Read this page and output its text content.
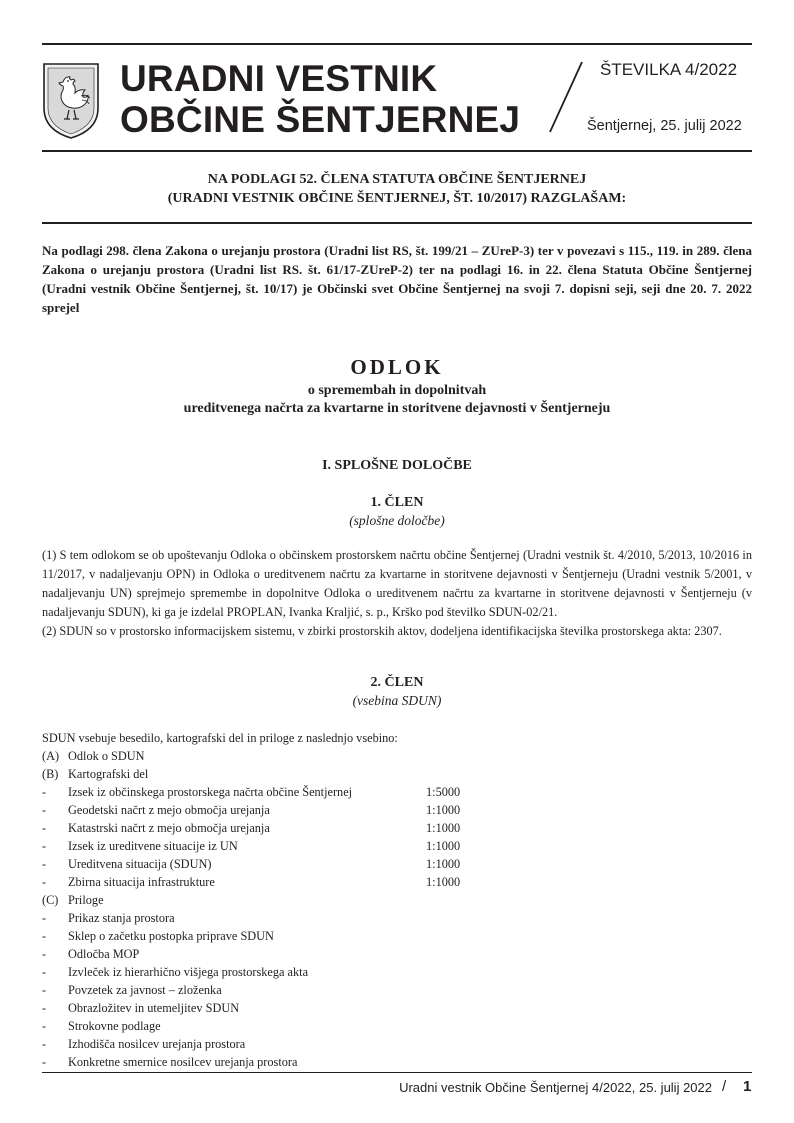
URADNI VESTNIK
OBČINE ŠENTJERNEJ
ŠTEVILKA 4/2022
Šentjernej, 25. julij 2022
NA PODLAGI 52. ČLENA STATUTA OBČINE ŠENTJERNEJ
(URADNI VESTNIK OBČINE ŠENTJERNEJ, ŠT. 10/2017) RAZGLAŠAM:
Na podlagi 298. člena Zakona o urejanju prostora (Uradni list RS, št. 199/21 – ZUreP-3) ter v povezavi s 115., 119. in 289. člena Zakona o urejanju prostora (Uradni list RS. št. 61/17-ZUreP-2) ter na podlagi 16. in 22. člena Statuta Občine Šentjernej (Uradni vestnik Občine Šentjernej, št. 10/17) je Občinski svet Občine Šentjernej na svoji 7. dopisni seji, seji dne 20. 7. 2022 sprejel
ODLOK
o spremembah in dopolnitvah
ureditvenega načrta za kvartarne in storitvene dejavnosti v Šentjerneju
I. SPLOŠNE DOLOČBE
1. ČLEN
(splošne določbe)
(1) S tem odlokom se ob upoštevanju Odloka o občinskem prostorskem načrtu občine Šentjernej (Uradni vestnik št. 4/2010, 5/2013, 10/2016 in 11/2017, v nadaljevanju OPN) in Odloka o ureditvenem načrtu za kvartarne in storitvene dejavnosti v Šentjerneju (Uradni vestnik 5/2001, v nadaljevanju UN) sprejmejo spremembe in dopolnitve Odloka o ureditvenem načrtu za kvartarne in storitvene dejavnosti v Šentjerneju (v nadaljevanju SDUN), ki ga je izdelal PROPLAN, Ivanka Kraljić, s. p., Krško pod številko SDUN-02/21.
(2) SDUN so v prostorsko informacijskem sistemu, v zbirki prostorskih aktov, dodeljena identifikacijska številka prostorskega akta: 2307.
2. ČLEN
(vsebina SDUN)
SDUN vsebuje besedilo, kartografski del in priloge z naslednjo vsebino:
(A) Odlok o SDUN
(B) Kartografski del
- Izsek iz občinskega prostorskega načrta občine Šentjernej	1:5000
- Geodetski načrt z mejo območja urejanja	1:1000
- Katastrski načrt z mejo območja urejanja	1:1000
- Izsek iz ureditvene situacije iz UN	1:1000
- Ureditvena situacija (SDUN)	1:1000
- Zbirna situacija infrastrukture	1:1000
(C) Priloge
- Prikaz stanja prostora
- Sklep o začetku postopka priprave SDUN
- Odločba MOP
- Izvleček iz hierarhično višjega prostorskega akta
- Povzetek za javnost – zloženka
- Obrazložitev in utemeljitev SDUN
- Strokovne podlage
- Izhodišča nosilcev urejanja prostora
- Konkretne smernice nosilcev urejanja prostora
Uradni vestnik Občine Šentjernej 4/2022, 25. julij 2022 / 1
